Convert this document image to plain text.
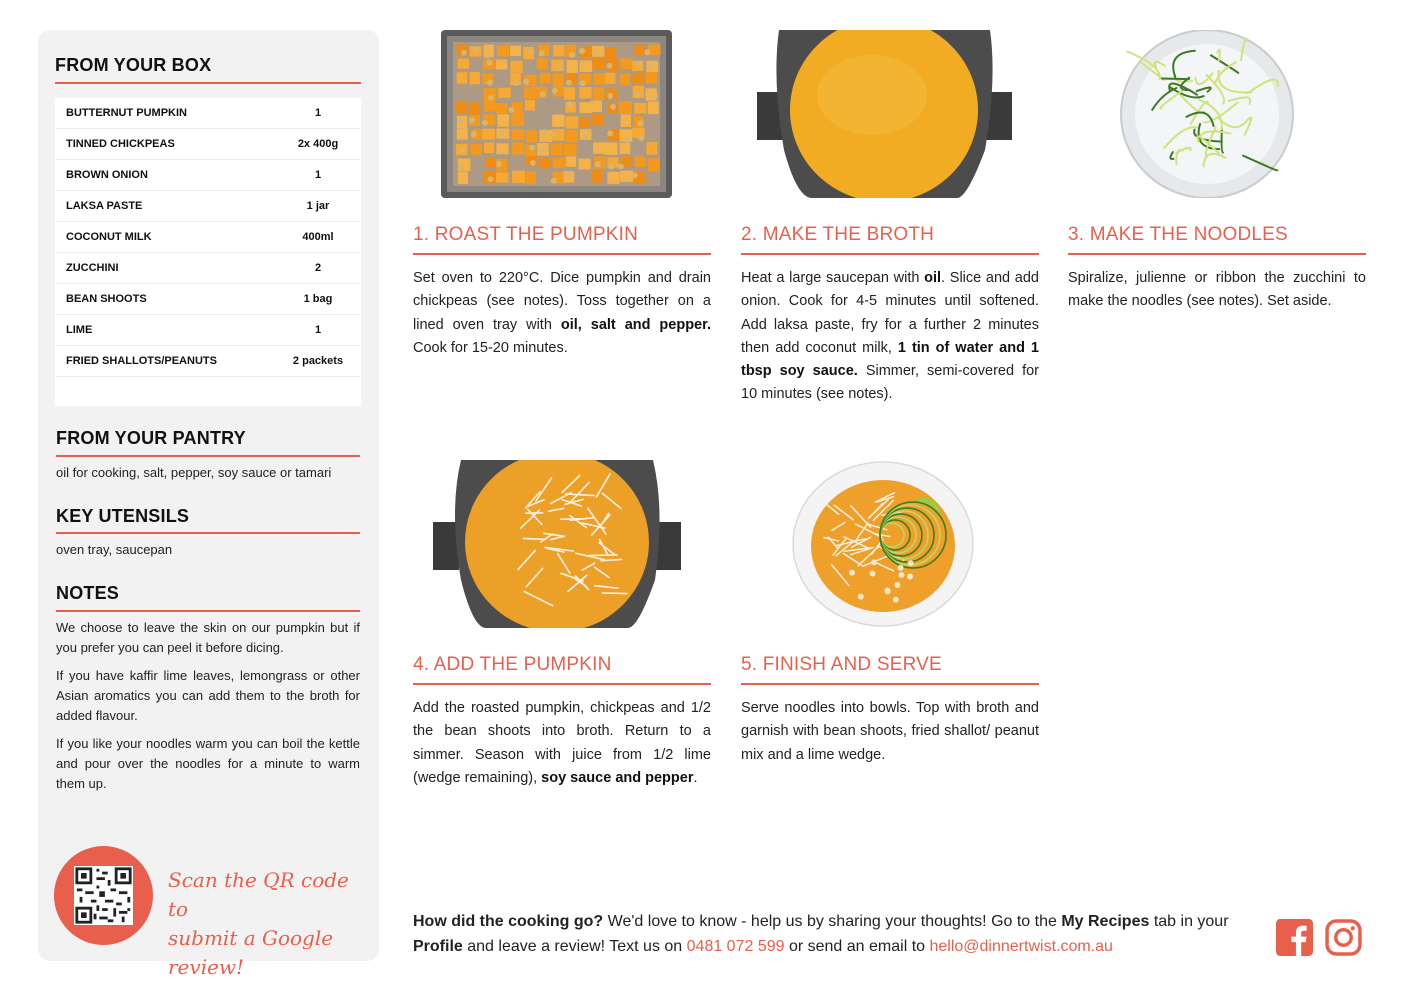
FROM YOUR BOX
BUTTERNUT PUMPKIN	1
TINNED CHICKPEAS	2x 400g
BROWN ONION	1
LAKSA PASTE	1 jar
COCONUT MILK	400ml
ZUCCHINI	2
BEAN SHOOTS	1 bag
LIME	1
FRIED SHALLOTS/PEANUTS	2 packets
FROM YOUR PANTRY
oil for cooking, salt, pepper, soy sauce or tamari
KEY UTENSILS
oven tray, saucepan
NOTES

We choose to leave the skin on our pumpkin but if you prefer you can peel it before dicing.

If you have kaffir lime leaves, lemongrass or other Asian aromatics you can add them to the broth for added flavour.

If you like your noodles warm you can boil the kettle and pour over the noodles for a minute to warm them up.

Scan the QR code to
submit a Google review!
1. ROAST THE PUMPKIN
Set oven to 220°C. Dice pumpkin and drain chickpeas (see notes). Toss together on a lined oven tray with oil, salt and pepper. Cook for 15-20 minutes.
2. MAKE THE BROTH
Heat a large saucepan with oil. Slice and add onion. Cook for 4-5 minutes until softened. Add laksa paste, fry for a further 2 minutes then add coconut milk, 1 tin of water and 1 tbsp soy sauce. Simmer, semi-covered for 10 minutes (see notes).
3. MAKE THE NOODLES
Spiralize, julienne or ribbon the zucchini to make the noodles (see notes). Set aside.
4. ADD THE PUMPKIN
Add the roasted pumpkin, chickpeas and 1/2 the bean shoots into broth. Return to a simmer. Season with juice from 1/2 lime (wedge remaining), soy sauce and pepper.
5. FINISH AND SERVE
Serve noodles into bowls. Top with broth and garnish with bean shoots, fried shallot/ peanut mix and a lime wedge.
How did the cooking go? We'd love to know - help us by sharing your thoughts! Go to the My Recipes tab in your Profile and leave a review! Text us on 0481 072 599 or send an email to hello@dinnertwist.com.au
